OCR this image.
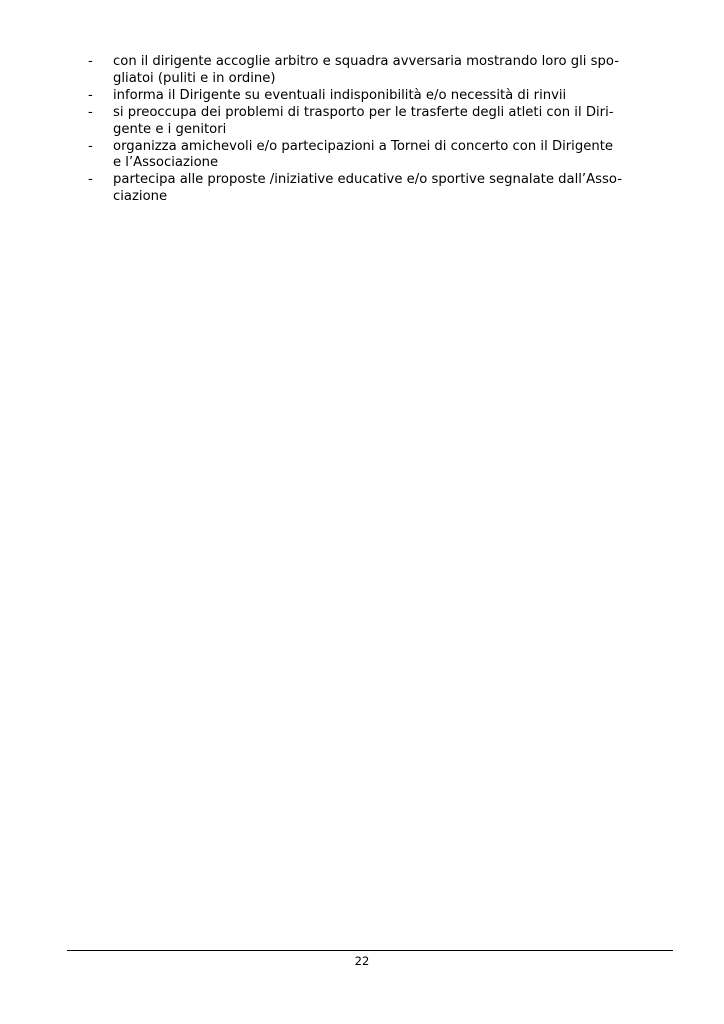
-	con il dirigente accoglie arbitro e squadra avversaria mostrando loro gli spo-
gliatoi (puliti e in ordine)
-	informa il Dirigente su eventuali indisponibilità e/o necessità di rinvii
-	si preoccupa dei problemi di trasporto per le trasferte degli atleti con il Diri-
gente e i genitori
-	organizza amichevoli e/o partecipazioni a Tornei di concerto con il Dirigente
e l’Associazione
-	partecipa alle proposte /iniziative educative e/o sportive segnalate dall’Asso-
ciazione
22
